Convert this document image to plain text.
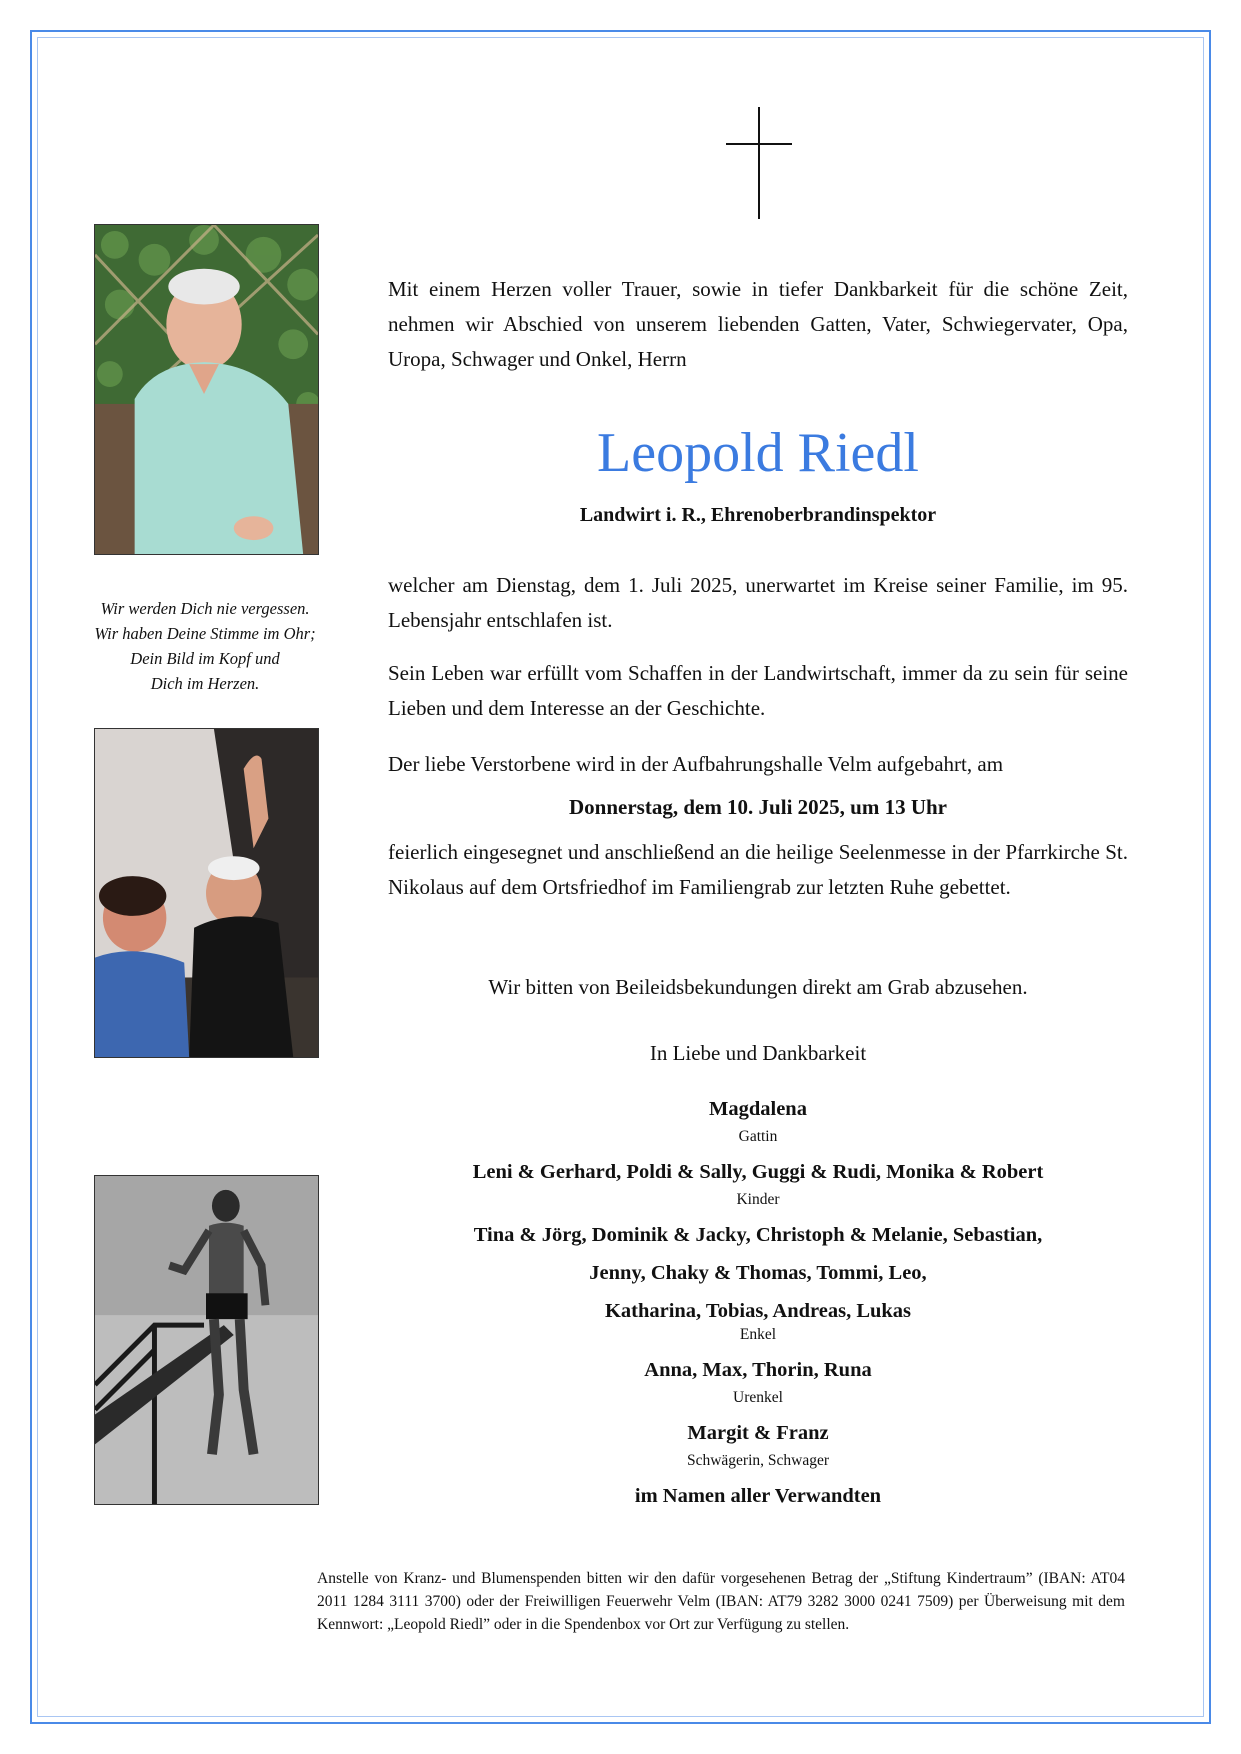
Wir werden Dich nie vergessen.
Wir haben Deine Stimme im Ohr;
Dein Bild im Kopf und
Dich im Herzen.
Mit einem Herzen voller Trauer, sowie in tiefer Dankbarkeit für die schöne Zeit, nehmen wir Abschied von unserem liebenden Gatten, Vater, Schwiegervater, Opa, Uropa, Schwager und Onkel, Herrn
Leopold Riedl
Landwirt i. R., Ehrenoberbrandinspektor
welcher am Dienstag, dem 1. Juli 2025, unerwartet im Kreise seiner Familie, im 95. Lebensjahr entschlafen ist.
Sein Leben war erfüllt vom Schaffen in der Landwirtschaft, immer da zu sein für seine Lieben und dem Interesse an der Geschichte.
Der liebe Verstorbene wird in der Aufbahrungshalle Velm aufgebahrt, am
Donnerstag, dem 10. Juli 2025, um 13 Uhr
feierlich eingesegnet und anschließend an die heilige Seelenmesse in der Pfarrkirche St. Nikolaus auf dem Ortsfriedhof im Familiengrab zur letzten Ruhe gebettet.
Wir bitten von Beileidsbekundungen direkt am Grab abzusehen.
In Liebe und Dankbarkeit
Magdalena
Gattin
Leni & Gerhard, Poldi & Sally, Guggi & Rudi, Monika & Robert
Kinder
Tina & Jörg, Dominik & Jacky, Christoph & Melanie, Sebastian,
Jenny, Chaky & Thomas, Tommi, Leo,
Katharina, Tobias, Andreas, Lukas
Enkel
Anna, Max, Thorin, Runa
Urenkel
Margit & Franz
Schwägerin, Schwager
im Namen aller Verwandten
Anstelle von Kranz- und Blumenspenden bitten wir den dafür vorgesehenen Betrag der „Stiftung Kindertraum” (IBAN: AT04 2011 1284 3111 3700) oder der Freiwilligen Feuerwehr Velm (IBAN: AT79 3282 3000 0241 7509) per Überweisung mit dem Kennwort: „Leopold Riedl” oder in die Spendenbox vor Ort zur Verfügung zu stellen.
